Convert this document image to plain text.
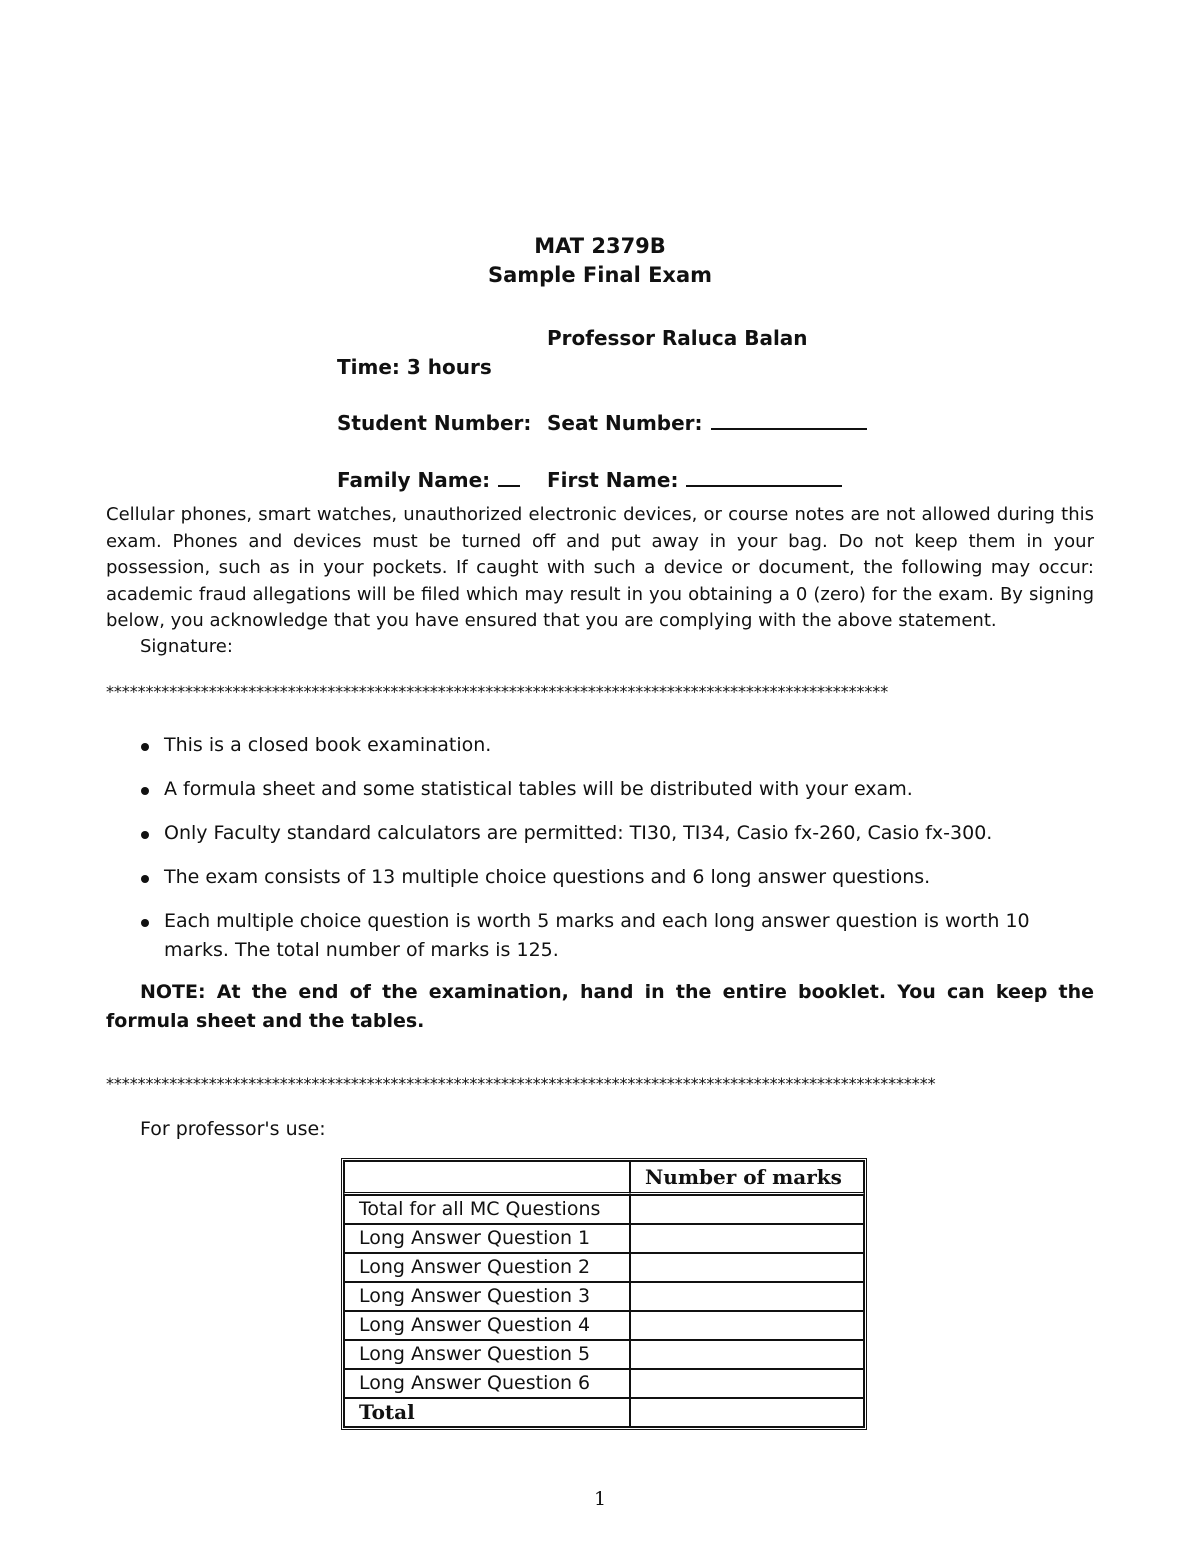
MAT 2379B
Sample Final Exam
Professor Raluca Balan
Time: 3 hours
Student Number: Seat Number:
Family Name:	First Name:
Cellular phones, smart watches, unauthorized electronic devices, or course notes are not allowed during this exam. Phones and devices must be turned off and put away in your bag. Do not keep them in your possession, such as in your pockets. If caught with such a device or document, the following may occur: academic fraud allegations will be filed which may result in you obtaining a 0 (zero) for the exam. By signing below, you acknowledge that you have ensured that you are complying with the above statement.
Signature:
***************************************************************************************************
This is a closed book examination.
A formula sheet and some statistical tables will be distributed with your exam.
Only Faculty standard calculators are permitted: TI30, TI34, Casio fx-260, Casio fx-300.
The exam consists of 13 multiple choice questions and 6 long answer questions.
Each multiple choice question is worth 5 marks and each long answer question is worth 10 marks. The total number of marks is 125.
NOTE: At the end of the examination, hand in the entire booklet. You can keep the formula sheet and the tables.
*********************************************************************************************************
For professor's use:
	Number of marks
Total for all MC Questions	
Long Answer Question 1	
Long Answer Question 2	
Long Answer Question 3	
Long Answer Question 4	
Long Answer Question 5	
Long Answer Question 6	
Total	
1
